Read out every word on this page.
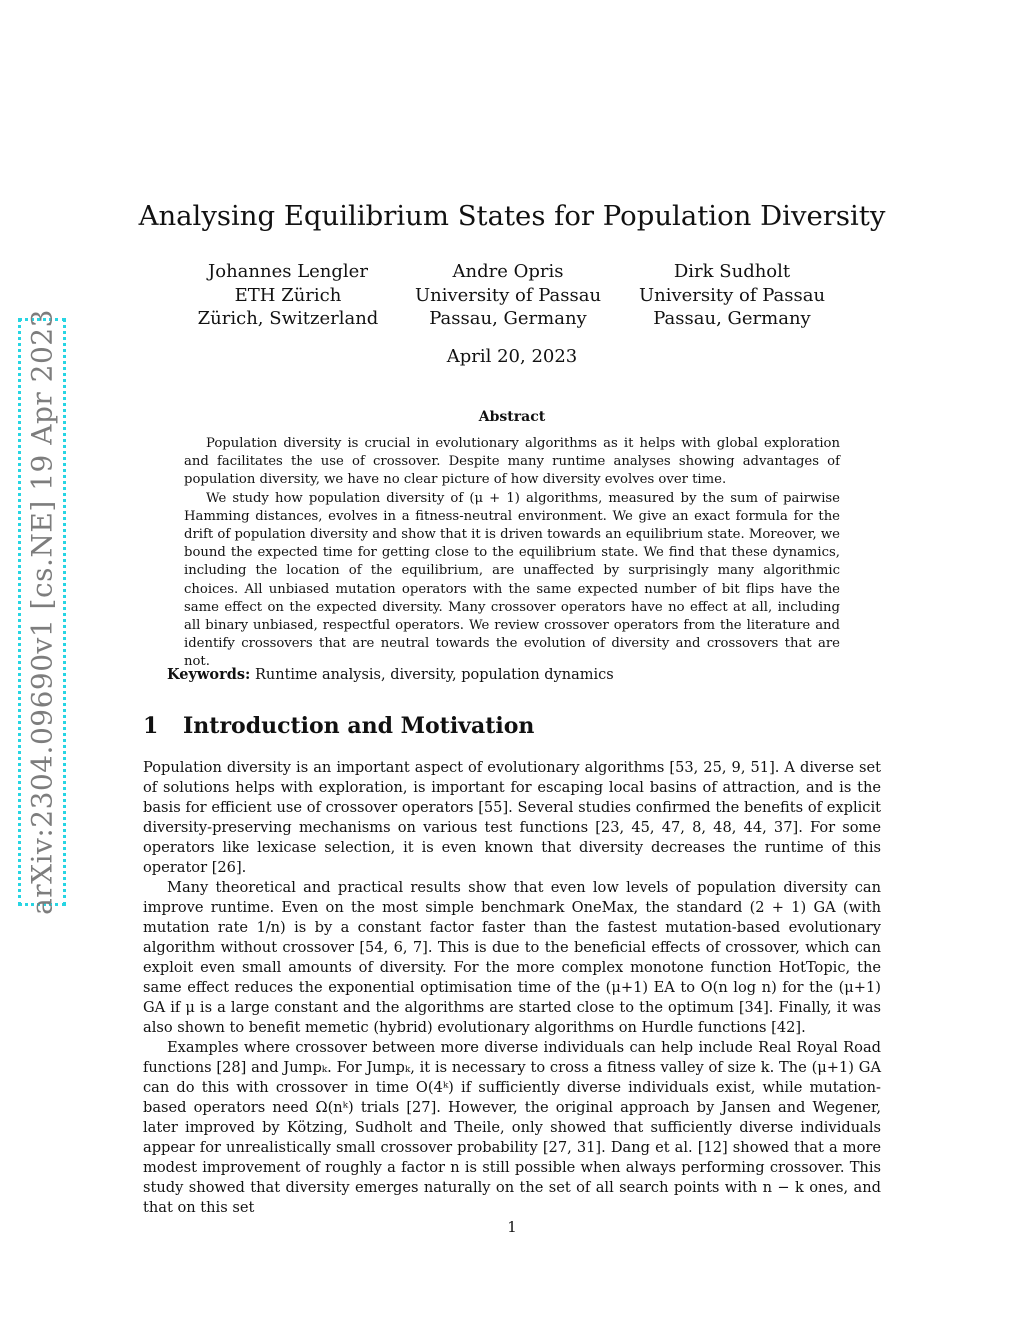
arXiv:2304.09690v1 [cs.NE] 19 Apr 2023
Analysing Equilibrium States for Population Diversity
Johannes Lengler
ETH Zürich
Zürich, Switzerland
Andre Opris
University of Passau
Passau, Germany
Dirk Sudholt
University of Passau
Passau, Germany
April 20, 2023
Abstract

Population diversity is crucial in evolutionary algorithms as it helps with global exploration and facilitates the use of crossover. Despite many runtime analyses showing advantages of population diversity, we have no clear picture of how diversity evolves over time.

We study how population diversity of (μ + 1) algorithms, measured by the sum of pairwise Hamming distances, evolves in a fitness-neutral environment. We give an exact formula for the drift of population diversity and show that it is driven towards an equilibrium state. Moreover, we bound the expected time for getting close to the equilibrium state. We find that these dynamics, including the location of the equilibrium, are unaffected by surprisingly many algorithmic choices. All unbiased mutation operators with the same expected number of bit flips have the same effect on the expected diversity. Many crossover operators have no effect at all, including all binary unbiased, respectful operators. We review crossover operators from the literature and identify crossovers that are neutral towards the evolution of diversity and crossovers that are not.

Keywords: Runtime analysis, diversity, population dynamics
1 Introduction and Motivation

Population diversity is an important aspect of evolutionary algorithms [53, 25, 9, 51]. A diverse set of solutions helps with exploration, is important for escaping local basins of attraction, and is the basis for efficient use of crossover operators [55]. Several studies confirmed the benefits of explicit diversity-preserving mechanisms on various test functions [23, 45, 47, 8, 48, 44, 37]. For some operators like lexicase selection, it is even known that diversity decreases the runtime of this operator [26].

Many theoretical and practical results show that even low levels of population diversity can improve runtime. Even on the most simple benchmark OneMax, the standard (2 + 1) GA (with mutation rate 1/n) is by a constant factor faster than the fastest mutation-based evolutionary algorithm without crossover [54, 6, 7]. This is due to the beneficial effects of crossover, which can exploit even small amounts of diversity. For the more complex monotone function HotTopic, the same effect reduces the exponential optimisation time of the (μ+1) EA to O(n log n) for the (μ+1) GA if μ is a large constant and the algorithms are started close to the optimum [34]. Finally, it was also shown to benefit memetic (hybrid) evolutionary algorithms on Hurdle functions [42].

Examples where crossover between more diverse individuals can help include Real Royal Road functions [28] and Jumpₖ. For Jumpₖ, it is necessary to cross a fitness valley of size k. The (μ+1) GA can do this with crossover in time O(4ᵏ) if sufficiently diverse individuals exist, while mutation-based operators need Ω(nᵏ) trials [27]. However, the original approach by Jansen and Wegener, later improved by Kötzing, Sudholt and Theile, only showed that sufficiently diverse individuals appear for unrealistically small crossover probability [27, 31]. Dang et al. [12] showed that a more modest improvement of roughly a factor n is still possible when always performing crossover. This study showed that diversity emerges naturally on the set of all search points with n − k ones, and that on this set

1
